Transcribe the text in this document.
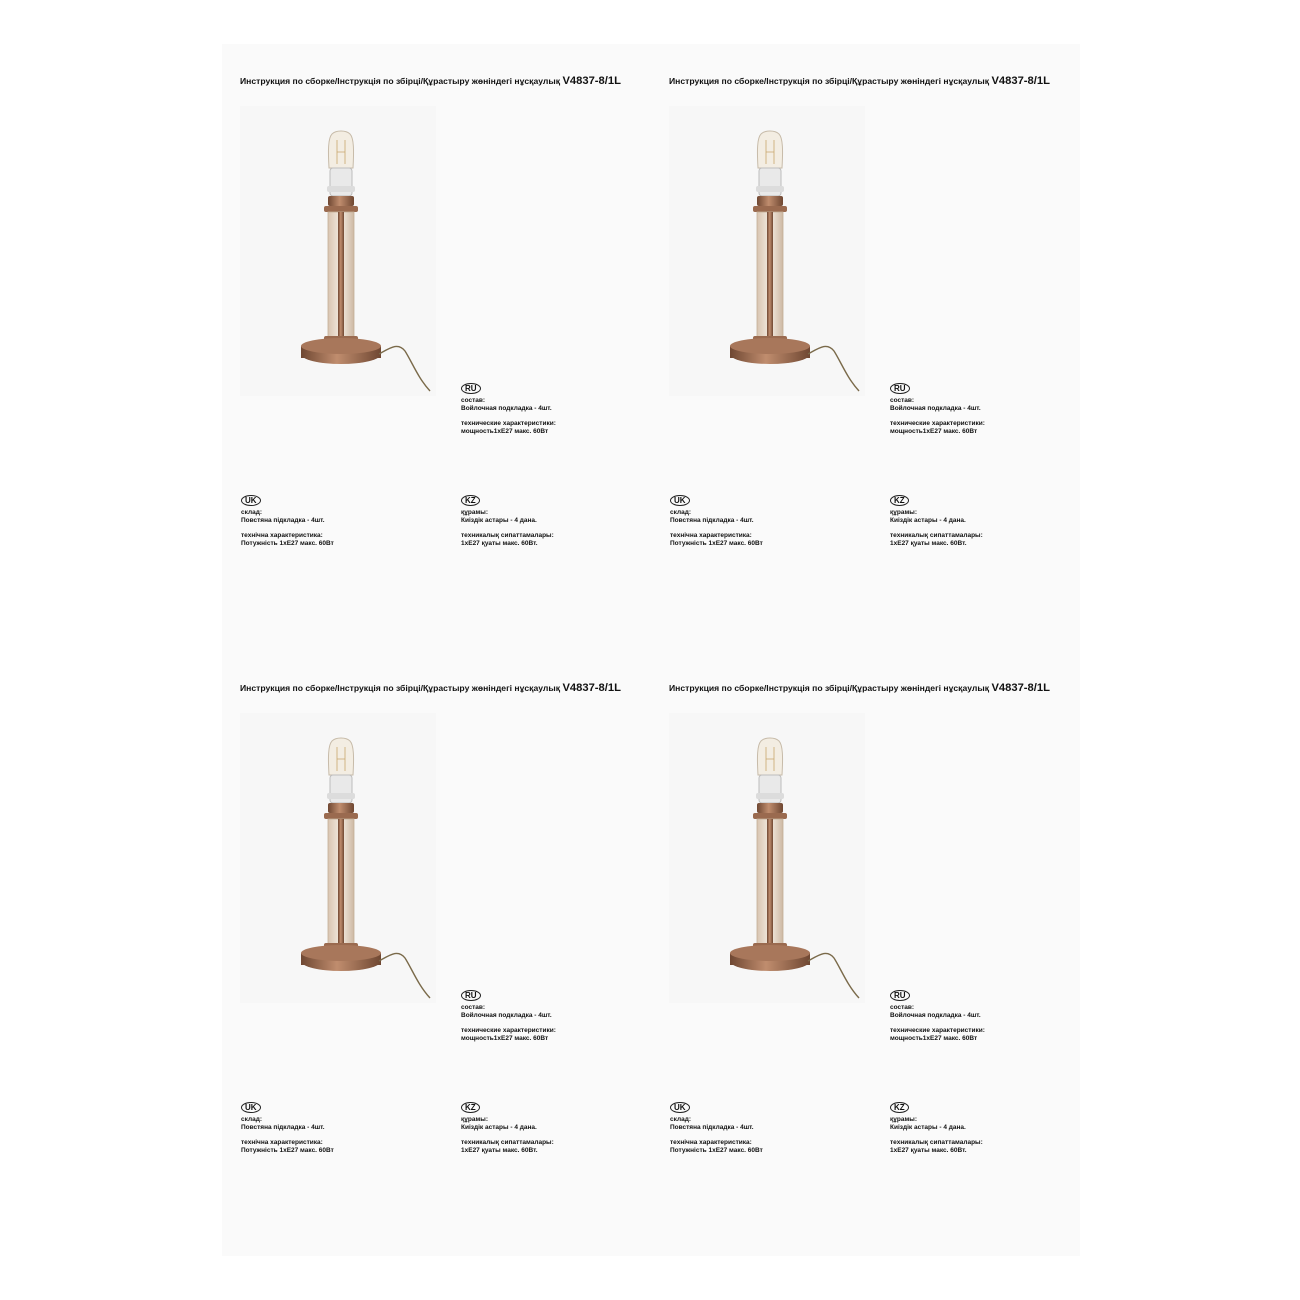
Инструкция по сборке/Інструкція по збірці/Құрастыру жөніндегі нұсқаулық V4837-8/1L
RU
состав:
Войлочная подкладка - 4шт.
технические характеристики:
мощность1xE27 макс. 60Вт
UK
склад:
Повстяна підкладка - 4шт.
технічна характеристика:
Потужність 1xE27 макс. 60Вт
KZ
құрамы:
Киіздік астары - 4 дана.
техникалық сипаттамалары:
1xE27 қуаты макс. 60Вт.
Инструкция по сборке/Інструкція по збірці/Құрастыру жөніндегі нұсқаулық V4837-8/1L
RU
состав:
Войлочная подкладка - 4шт.
технические характеристики:
мощность1xE27 макс. 60Вт
UK
склад:
Повстяна підкладка - 4шт.
технічна характеристика:
Потужність 1xE27 макс. 60Вт
KZ
құрамы:
Киіздік астары - 4 дана.
техникалық сипаттамалары:
1xE27 қуаты макс. 60Вт.
Инструкция по сборке/Інструкція по збірці/Құрастыру жөніндегі нұсқаулық V4837-8/1L
RU
состав:
Войлочная подкладка - 4шт.
технические характеристики:
мощность1xE27 макс. 60Вт
UK
склад:
Повстяна підкладка - 4шт.
технічна характеристика:
Потужність 1xE27 макс. 60Вт
KZ
құрамы:
Киіздік астары - 4 дана.
техникалық сипаттамалары:
1xE27 қуаты макс. 60Вт.
Инструкция по сборке/Інструкція по збірці/Құрастыру жөніндегі нұсқаулық V4837-8/1L
RU
состав:
Войлочная подкладка - 4шт.
технические характеристики:
мощность1xE27 макс. 60Вт
UK
склад:
Повстяна підкладка - 4шт.
технічна характеристика:
Потужність 1xE27 макс. 60Вт
KZ
құрамы:
Киіздік астары - 4 дана.
техникалық сипаттамалары:
1xE27 қуаты макс. 60Вт.
